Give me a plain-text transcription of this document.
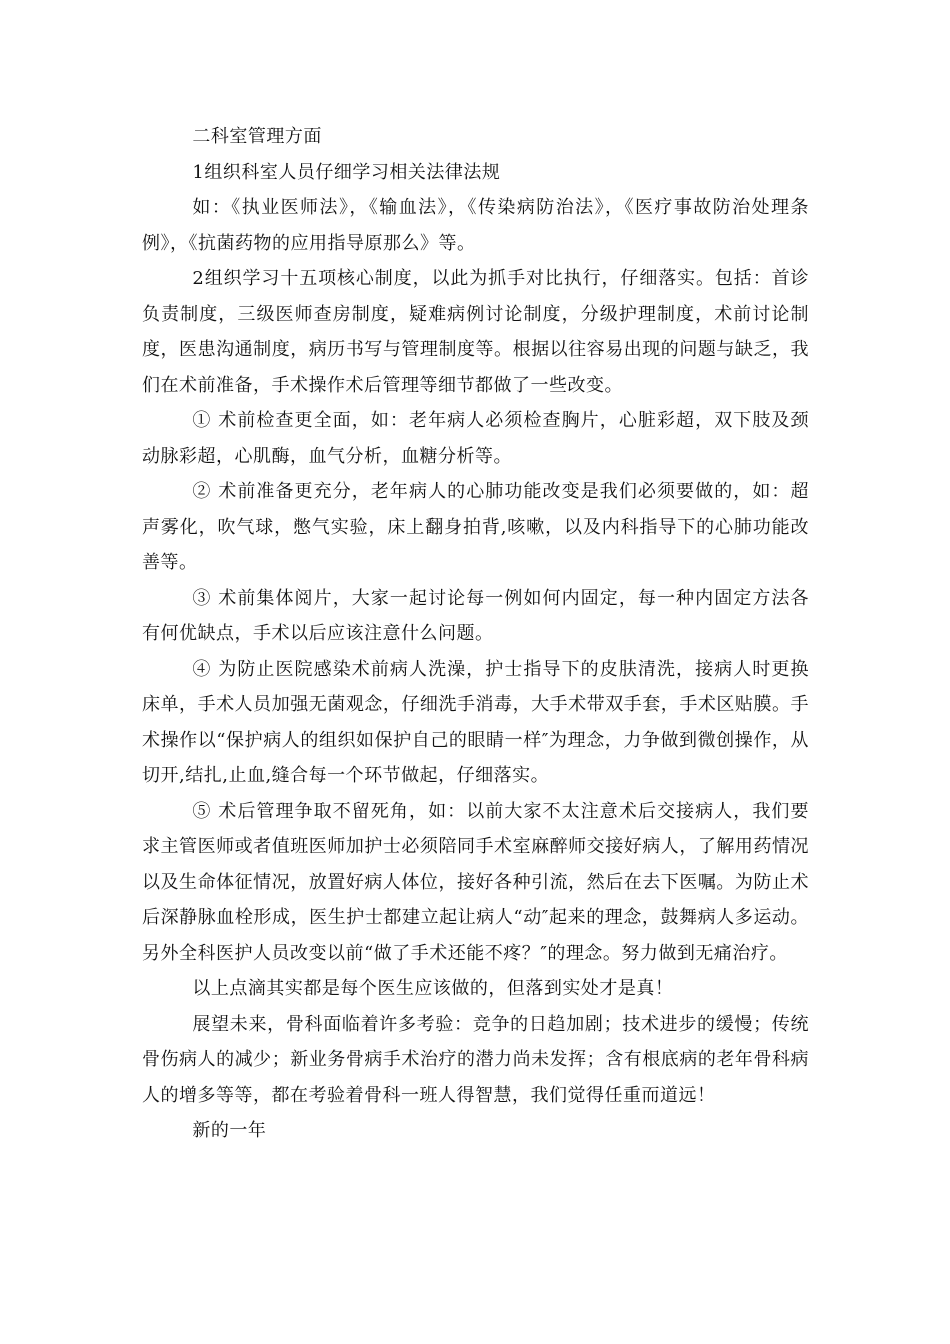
二科室管理方面

1组织科室人员仔细学习相关法律法规

如：《执业医师法》，《输血法》，《传染病防治法》，《医疗事故防治处理条例》，《抗菌药物的应用指导原那么》等。

2组织学习十五项核心制度，以此为抓手对比执行，仔细落实。包括：首诊负责制度，三级医师查房制度，疑难病例讨论制度，分级护理制度，术前讨论制度，医患沟通制度，病历书写与管理制度等。根据以往容易出现的问题与缺乏，我们在术前准备，手术操作术后管理等细节都做了一些改变。

① 术前检查更全面，如：老年病人必须检查胸片，心脏彩超，双下肢及颈动脉彩超，心肌酶，血气分析，血糖分析等。

② 术前准备更充分，老年病人的心肺功能改变是我们必须要做的，如：超声雾化，吹气球，憋气实验，床上翻身拍背,咳嗽，以及内科指导下的心肺功能改善等。

③ 术前集体阅片，大家一起讨论每一例如何内固定，每一种内固定方法各有何优缺点，手术以后应该注意什么问题。

④ 为防止医院感染术前病人洗澡，护士指导下的皮肤清洗，接病人时更换床单，手术人员加强无菌观念，仔细洗手消毒，大手术带双手套，手术区贴膜。手术操作以“保护病人的组织如保护自己的眼睛一样″为理念，力争做到微创操作，从切开,结扎,止血,缝合每一个环节做起，仔细落实。

⑤ 术后管理争取不留死角，如：以前大家不太注意术后交接病人，我们要求主管医师或者值班医师加护士必须陪同手术室麻醉师交接好病人，了解用药情况以及生命体征情况，放置好病人体位，接好各种引流，然后在去下医嘱。为防止术后深静脉血栓形成，医生护士都建立起让病人“动″起来的理念，鼓舞病人多运动。另外全科医护人员改变以前“做了手术还能不疼？″的理念。努力做到无痛治疗。

以上点滴其实都是每个医生应该做的，但落到实处才是真！

展望未来，骨科面临着许多考验：竞争的日趋加剧；技术进步的缓慢；传统骨伤病人的减少；新业务骨病手术治疗的潜力尚未发挥；含有根底病的老年骨科病人的增多等等，都在考验着骨科一班人得智慧，我们觉得任重而道远！

新的一年
